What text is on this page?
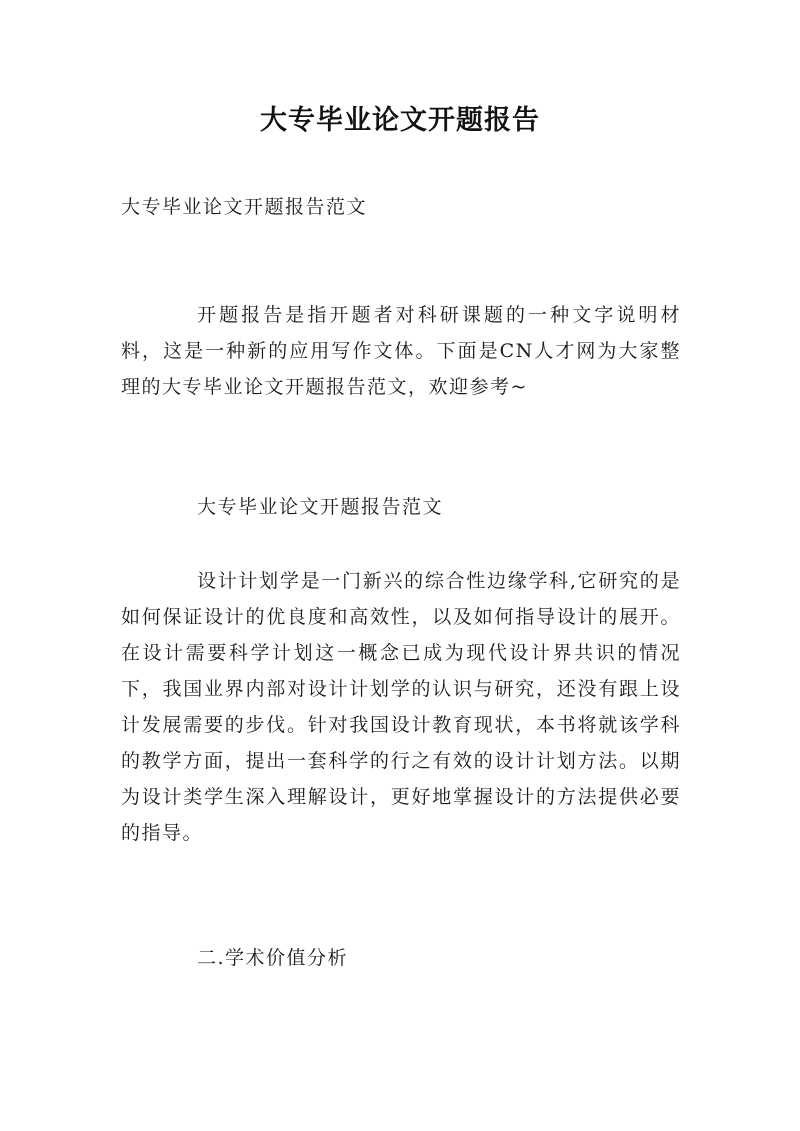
大专毕业论文开题报告
大专毕业论文开题报告范文
开题报告是指开题者对科研课题的一种文字说明材料，这是一种新的应用写作文体。下面是CN人才网为大家整理的大专毕业论文开题报告范文，欢迎参考~
大专毕业论文开题报告范文
设计计划学是一门新兴的综合性边缘学科,它研究的是如何保证设计的优良度和高效性，以及如何指导设计的展开。在设计需要科学计划这一概念已成为现代设计界共识的情况下，我国业界内部对设计计划学的认识与研究，还没有跟上设计发展需要的步伐。针对我国设计教育现状，本书将就该学科的教学方面，提出一套科学的行之有效的设计计划方法。以期为设计类学生深入理解设计，更好地掌握设计的方法提供必要的指导。
二.学术价值分析
